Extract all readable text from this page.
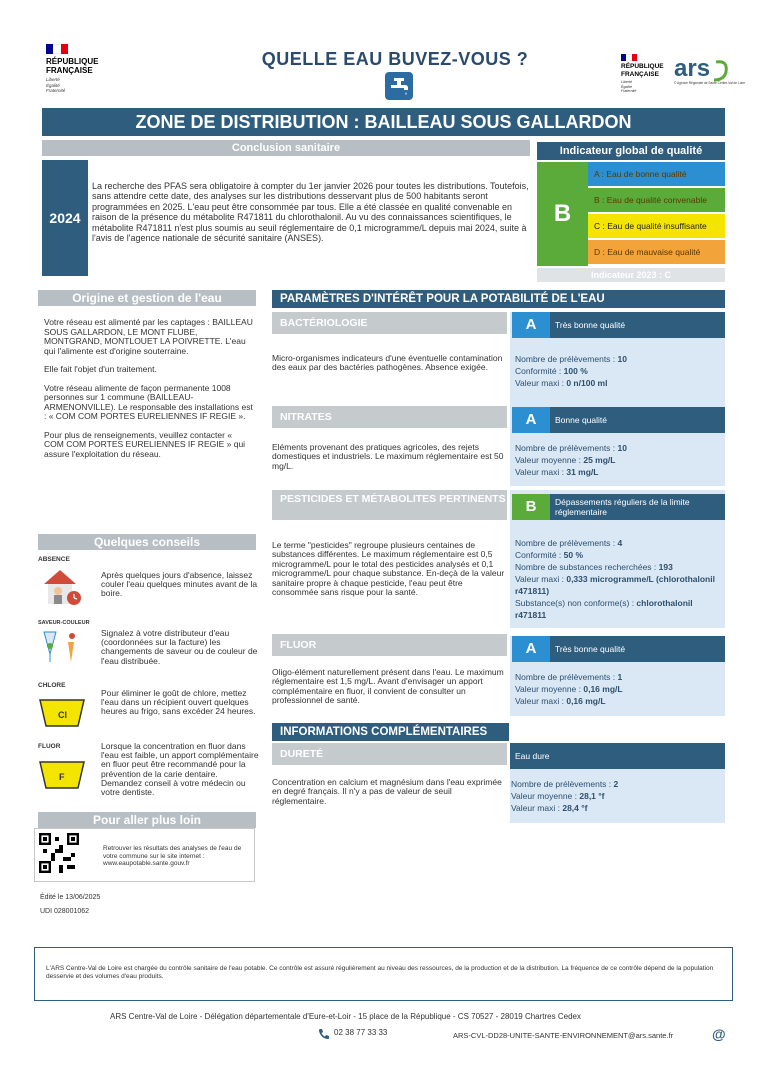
RÉPUBLIQUE
FRANÇAISE
Liberté
Égalité
Fraternité
QUELLE EAU BUVEZ-VOUS ?	RÉPUBLIQUE
FRANÇAISE
Liberté
Égalité
Fraternité
ars
© Agence Régionale de Santé Centre-Val de Loire
ZONE DE DISTRIBUTION : BAILLEAU SOUS GALLARDON
Conclusion sanitaire
2024
La recherche des PFAS sera obligatoire à compter du 1er janvier 2026 pour toutes les distributions. Toutefois, sans attendre cette date, des analyses sur les distributions desservant plus de 500 habitants seront programmées en 2025. L'eau peut être consommée par tous. Elle a été classée en qualité convenable en raison de la présence du métabolite R471811 du chlorothalonil. Au vu des connaissances scientifiques, le métabolite R471811 n'est plus soumis au seuil réglementaire de 0,1 microgramme/L depuis mai 2024, suite à l'avis de l'agence nationale de sécurité sanitaire (ANSES).
Indicateur global de qualité
B
A : Eau de bonne qualité
B : Eau de qualité convenable
C : Eau de qualité insuffisante
D : Eau de mauvaise qualité
Indicateur 2023 : C
Origine et gestion de l'eau

Votre réseau est alimenté par les captages : BAILLEAU SOUS GALLARDON, LE MONT FLUBE, MONTGRAND, MONTLOUET LA POIVRETTE. L'eau qui l'alimente est d'origine souterraine.

Elle fait l'objet d'un traitement.

Votre réseau alimente de façon permanente 1008 personnes sur 1 commune (BAILLEAU-ARMENONVILLE). Le responsable des installations est : « COM COM PORTES EURELIENNES IF REGIE ».

Pour plus de renseignements, veuillez contacter « COM COM PORTES EURELIENNES IF REGIE » qui assure l'exploitation du réseau.

Quelques conseils
ABSENCE
Après quelques jours d'absence, laissez couler l'eau quelques minutes avant de la boire.
SAVEUR-COULEUR
Signalez à votre distributeur d'eau (coordonnées sur la facture) les changements de saveur ou de couleur de l'eau distribuée.
CHLORE
Cl
Pour éliminer le goût de chlore, mettez l'eau dans un récipient ouvert quelques heures au frigo, sans excéder 24 heures.
FLUOR
F
Lorsque la concentration en fluor dans l'eau est faible, un apport complémentaire en fluor peut être recommandé pour la prévention de la carie dentaire. Demandez conseil à votre médecin ou votre dentiste.
Pour aller plus loin
Retrouver les résultats des analyses de l'eau de votre commune sur le site internet : www.eaupotable.sante.gouv.fr
Édité le 13/06/2025
UDI 028001062
PARAMÈTRES D'INTÉRÊT POUR LA POTABILITÉ DE L'EAU
BACTÉRIOLOGIE	A	Très bonne qualité
Micro-organismes indicateurs d'une éventuelle contamination des eaux par des bactéries pathogènes. Absence exigée.
Nombre de prélèvements : 10
Conformité : 100 %
Valeur maxi : 0 n/100 ml
NITRATES	A	Bonne qualité
Eléments provenant des pratiques agricoles, des rejets domestiques et industriels. Le maximum réglementaire est 50 mg/L.
Nombre de prélèvements : 10
Valeur moyenne : 25 mg/L
Valeur maxi : 31 mg/L
PESTICIDES ET MÉTABOLITES PERTINENTS	B	Dépassements réguliers de la limite réglementaire
Le terme "pesticides" regroupe plusieurs centaines de substances différentes. Le maximum réglementaire est 0,5 microgramme/L pour le total des pesticides analysés et 0,1 microgramme/L pour chaque substance. En-deçà de la valeur sanitaire propre à chaque pesticide, l'eau peut être consommée sans risque pour la santé.
Nombre de prélèvements : 4
Conformité : 50 %
Nombre de substances recherchées : 193
Valeur maxi : 0,333 microgramme/L (chlorothalonil r471811)
Substance(s) non conforme(s) : chlorothalonil r471811
FLUOR	A	Très bonne qualité
Oligo-élément naturellement présent dans l'eau. Le maximum réglementaire est 1,5 mg/L. Avant d'envisager un apport complémentaire en fluor, il convient de consulter un professionnel de santé.
Nombre de prélèvements : 1
Valeur moyenne : 0,16 mg/L
Valeur maxi : 0,16 mg/L
INFORMATIONS COMPLÉMENTAIRES
DURETÉ	Eau dure
Concentration en calcium et magnésium dans l'eau exprimée en degré français. Il n'y a pas de valeur de seuil réglementaire.
Nombre de prélèvements : 2
Valeur moyenne : 28,1 °f
Valeur maxi : 28,4 °f
L'ARS Centre-Val de Loire est chargée du contrôle sanitaire de l'eau potable. Ce contrôle est assuré régulièrement au niveau des ressources, de la production et de la distribution. La fréquence de ce contrôle dépend de la population desservie et des volumes d'eau produits.
ARS Centre-Val de Loire - Délégation départementale d'Eure-et-Loir - 15 place de la République - CS 70527 - 28019 Chartres Cedex
02 38 77 33 33	ARS-CVL-DD28-UNITE-SANTE-ENVIRONNEMENT@ars.sante.fr	@
